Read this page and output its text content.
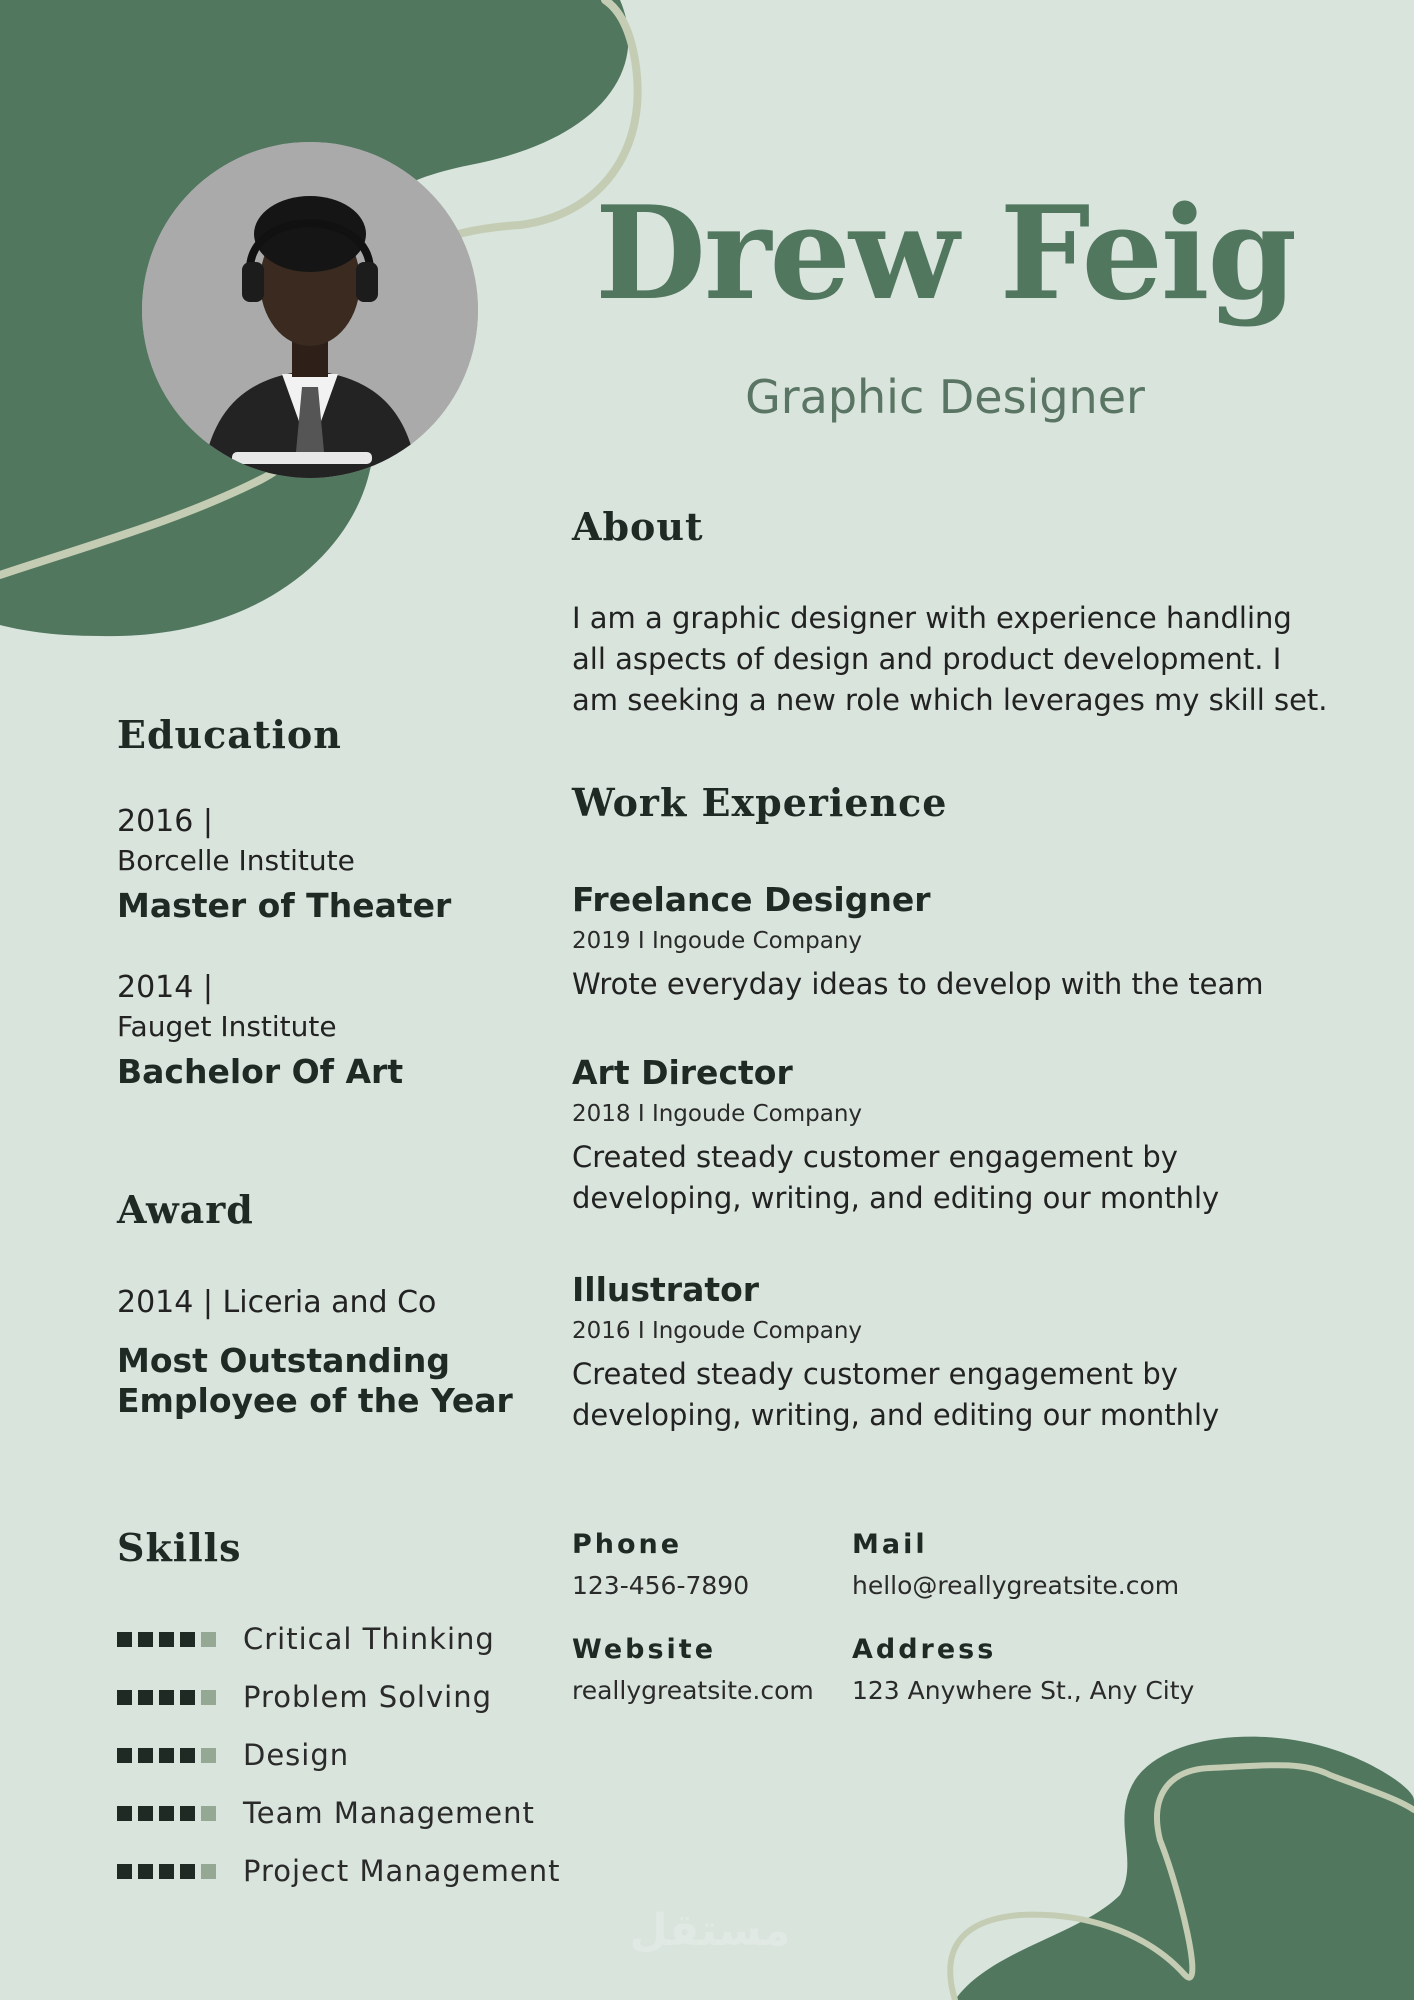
Drew Feig
Graphic Designer
About

I am a graphic designer with experience handling all aspects of design and product development. I am seeking a new role which leverages my skill set.

Education
2016 |
Borcelle Institute
Master of Theater
2014 |
Fauget Institute
Bachelor Of Art
Award
2014 | Liceria and Co
Most Outstanding Employee of the Year
Work Experience
Freelance Designer
2019 I Ingoude Company
Wrote everyday ideas to develop with the team
Art Director
2018 I Ingoude Company
Created steady customer engagement by developing, writing, and editing our monthly
Illustrator
2016 I Ingoude Company
Created steady customer engagement by developing, writing, and editing our monthly
Skills
Critical Thinking
Problem Solving
Design
Team Management
Project Management
Phone
123-456-7890
Mail
hello@reallygreatsite.com
Website
reallygreatsite.com
Address
123 Anywhere St., Any City
مستقل
